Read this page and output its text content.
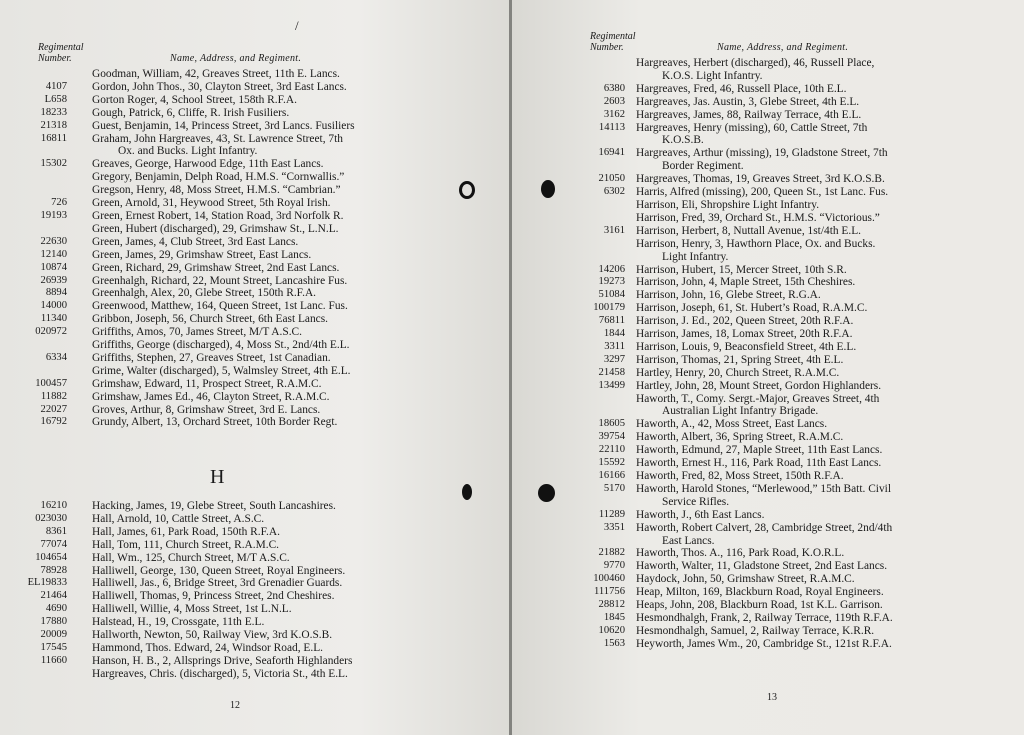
/
Regimental
Number.	Name, Address, and Regiment.
Goodman, William, 42, Greaves Street, 11th E. Lancs.
4107 Gordon, John Thos., 30, Clayton Street, 3rd East Lancs.
L658 Gorton Roger, 4, School Street, 158th R.F.A.
18233 Gough, Patrick, 6, Cliffe, R. Irish Fusiliers.
21318 Guest, Benjamin, 14, Princess Street, 3rd Lancs. Fusiliers
16811 Graham, John Hargreaves, 43, St. Lawrence Street, 7th
Ox. and Bucks. Light Infantry.
15302 Greaves, George, Harwood Edge, 11th East Lancs.
Gregory, Benjamin, Delph Road, H.M.S. “Cornwallis.”
Gregson, Henry, 48, Moss Street, H.M.S. “Cambrian.”
726 Green, Arnold, 31, Heywood Street, 5th Royal Irish.
19193 Green, Ernest Robert, 14, Station Road, 3rd Norfolk R.
Green, Hubert (discharged), 29, Grimshaw St., L.N.L.
22630 Green, James, 4, Club Street, 3rd East Lancs.
12140 Green, James, 29, Grimshaw Street, East Lancs.
10874 Green, Richard, 29, Grimshaw Street, 2nd East Lancs.
26939 Greenhalgh, Richard, 22, Mount Street, Lancashire Fus.
8894 Greenhalgh, Alex, 20, Glebe Street, 150th R.F.A.
14000 Greenwood, Matthew, 164, Queen Street, 1st Lanc. Fus.
11340 Gribbon, Joseph, 56, Church Street, 6th East Lancs.
020972 Griffiths, Amos, 70, James Street, M/T A.S.C.
Griffiths, George (discharged), 4, Moss St., 2nd/4th E.L.
6334 Griffiths, Stephen, 27, Greaves Street, 1st Canadian.
Grime, Walter (discharged), 5, Walmsley Street, 4th E.L.
100457 Grimshaw, Edward, 11, Prospect Street, R.A.M.C.
11882 Grimshaw, James Ed., 46, Clayton Street, R.A.M.C.
22027 Groves, Arthur, 8, Grimshaw Street, 3rd E. Lancs.
16792 Grundy, Albert, 13, Orchard Street, 10th Border Regt.
H
16210 Hacking, James, 19, Glebe Street, South Lancashires.
023030 Hall, Arnold, 10, Cattle Street, A.S.C.
8361 Hall, James, 61, Park Road, 150th R.F.A.
77074 Hall, Tom, 111, Church Street, R.A.M.C.
104654 Hall, Wm., 125, Church Street, M/T A.S.C.
78928 Halliwell, George, 130, Queen Street, Royal Engineers.
EL19833 Halliwell, Jas., 6, Bridge Street, 3rd Grenadier Guards.
21464 Halliwell, Thomas, 9, Princess Street, 2nd Cheshires.
4690 Halliwell, Willie, 4, Moss Street, 1st L.N.L.
17880 Halstead, H., 19, Crossgate, 11th E.L.
20009 Hallworth, Newton, 50, Railway View, 3rd K.O.S.B.
17545 Hammond, Thos. Edward, 24, Windsor Road, E.L.
11660 Hanson, H. B., 2, Allsprings Drive, Seaforth Highlanders
Hargreaves, Chris. (discharged), 5, Victoria St., 4th E.L.
12
Regimental
Number.	Name, Address, and Regiment.
Hargreaves, Herbert (discharged), 46, Russell Place,
K.O.S. Light Infantry.
6380 Hargreaves, Fred, 46, Russell Place, 10th E.L.
2603 Hargreaves, Jas. Austin, 3, Glebe Street, 4th E.L.
3162 Hargreaves, James, 88, Railway Terrace, 4th E.L.
14113 Hargreaves, Henry (missing), 60, Cattle Street, 7th
K.O.S.B.
16941 Hargreaves, Arthur (missing), 19, Gladstone Street, 7th
Border Regiment.
21050 Hargreaves, Thomas, 19, Greaves Street, 3rd K.O.S.B.
6302 Harris, Alfred (missing), 200, Queen St., 1st Lanc. Fus.
Harrison, Eli, Shropshire Light Infantry.
Harrison, Fred, 39, Orchard St., H.M.S. “Victorious.”
3161 Harrison, Herbert, 8, Nuttall Avenue, 1st/4th E.L.
Harrison, Henry, 3, Hawthorn Place, Ox. and Bucks.
Light Infantry.
14206 Harrison, Hubert, 15, Mercer Street, 10th S.R.
19273 Harrison, John, 4, Maple Street, 15th Cheshires.
51084 Harrison, John, 16, Glebe Street, R.G.A.
100179 Harrison, Joseph, 61, St. Hubert’s Road, R.A.M.C.
76811 Harrison, J. Ed., 202, Queen Street, 20th R.F.A.
1844 Harrison, James, 18, Lomax Street, 20th R.F.A.
3311 Harrison, Louis, 9, Beaconsfield Street, 4th E.L.
3297 Harrison, Thomas, 21, Spring Street, 4th E.L.
21458 Hartley, Henry, 20, Church Street, R.A.M.C.
13499 Hartley, John, 28, Mount Street, Gordon Highlanders.
Haworth, T., Comy. Sergt.-Major, Greaves Street, 4th
Australian Light Infantry Brigade.
18605 Haworth, A., 42, Moss Street, East Lancs.
39754 Haworth, Albert, 36, Spring Street, R.A.M.C.
22110 Haworth, Edmund, 27, Maple Street, 11th East Lancs.
15592 Haworth, Ernest H., 116, Park Road, 11th East Lancs.
16166 Haworth, Fred, 82, Moss Street, 150th R.F.A.
5170 Haworth, Harold Stones, “Merlewood,” 15th Batt. Civil
Service Rifles.
11289 Haworth, J., 6th East Lancs.
3351 Haworth, Robert Calvert, 28, Cambridge Street, 2nd/4th
East Lancs.
21882 Haworth, Thos. A., 116, Park Road, K.O.R.L.
9770 Haworth, Walter, 11, Gladstone Street, 2nd East Lancs.
100460 Haydock, John, 50, Grimshaw Street, R.A.M.C.
111756 Heap, Milton, 169, Blackburn Road, Royal Engineers.
28812 Heaps, John, 208, Blackburn Road, 1st K.L. Garrison.
1845 Hesmondhalgh, Frank, 2, Railway Terrace, 119th R.F.A.
10620 Hesmondhalgh, Samuel, 2, Railway Terrace, K.R.R.
1563 Heyworth, James Wm., 20, Cambridge St., 121st R.F.A.
13
